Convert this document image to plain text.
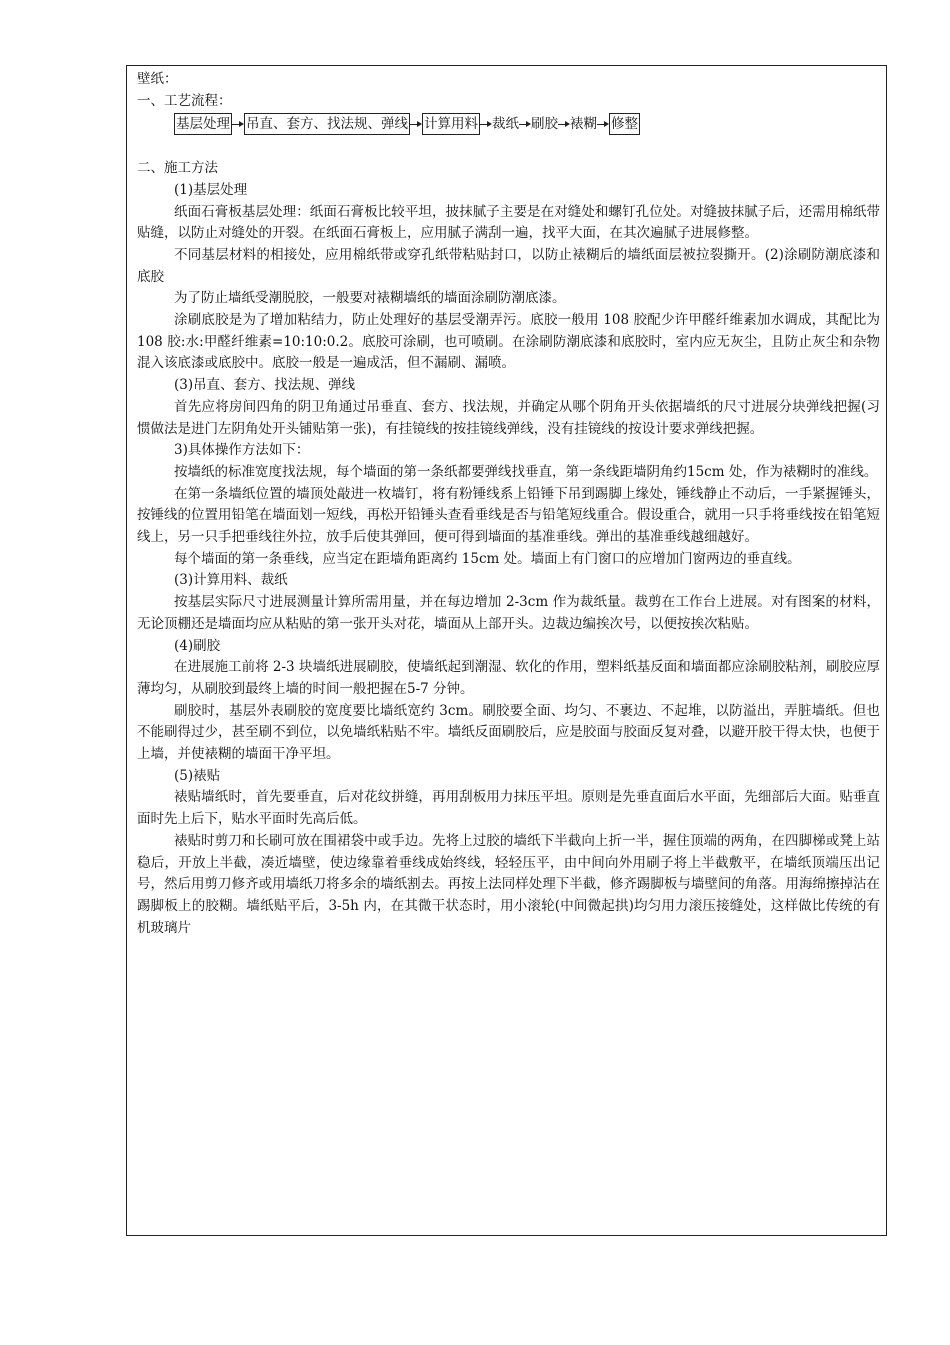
壁纸：

一、工艺流程：

基层处理 吊直、套方、找法规、弹线 计算用料 裁纸 刷胶 裱糊 修整

二、施工方法

(1)基层处理

纸面石膏板基层处理：纸面石膏板比较平坦，披抹腻子主要是在对缝处和螺钉孔位处。对缝披抹腻子后，还需用棉纸带贴缝，以防止对缝处的开裂。在纸面石膏板上，应用腻子满刮一遍，找平大面，在其次遍腻子进展修整。

不同基层材料的相接处，应用棉纸带或穿孔纸带粘贴封口，以防止裱糊后的墙纸面层被拉裂撕开。(2)涂刷防潮底漆和底胶

为了防止墙纸受潮脱胶，一般要对裱糊墙纸的墙面涂刷防潮底漆。

涂刷底胶是为了增加粘结力，防止处理好的基层受潮弄污。底胶一般用 108 胶配少许甲醛纤维素加水调成，其配比为 108 胶:水:甲醛纤维素=10:10:0.2。底胶可涂刷，也可喷刷。在涂刷防潮底漆和底胶时，室内应无灰尘，且防止灰尘和杂物混入该底漆或底胶中。底胶一般是一遍成活，但不漏刷、漏喷。

(3)吊直、套方、找法规、弹线

首先应将房间四角的阴卫角通过吊垂直、套方、找法规，并确定从哪个阴角开头依据墙纸的尺寸进展分块弹线把握(习惯做法是进门左阴角处开头铺贴第一张)，有挂镜线的按挂镜线弹线，没有挂镜线的按设计要求弹线把握。

3)具体操作方法如下：

按墙纸的标准宽度找法规，每个墙面的第一条纸都要弹线找垂直，第一条线距墙阴角约15cm 处，作为裱糊时的准线。

在第一条墙纸位置的墙顶处敲进一枚墙钉，将有粉锤线系上铅锤下吊到踢脚上缘处，锤线静止不动后，一手紧握锤头，按锤线的位置用铅笔在墙面划一短线，再松开铅锤头查看垂线是否与铅笔短线重合。假设重合，就用一只手将垂线按在铅笔短线上，另一只手把垂线往外拉，放手后使其弹回，便可得到墙面的基准垂线。弹出的基准垂线越细越好。

每个墙面的第一条垂线，应当定在距墙角距离约 15cm 处。墙面上有门窗口的应增加门窗两边的垂直线。

(3)计算用料、裁纸

按基层实际尺寸进展测量计算所需用量，并在每边增加 2-3cm 作为裁纸量。裁剪在工作台上进展。对有图案的材料，无论顶棚还是墙面均应从粘贴的第一张开头对花，墙面从上部开头。边裁边编挨次号，以便按挨次粘贴。

(4)刷胶

在进展施工前将 2-3 块墙纸进展刷胶，使墙纸起到潮湿、软化的作用，塑料纸基反面和墙面都应涂刷胶粘剂，刷胶应厚薄均匀，从刷胶到最终上墙的时间一般把握在5-7 分钟。

刷胶时，基层外表刷胶的宽度要比墙纸宽约 3cm。刷胶要全面、均匀、不裹边、不起堆，以防溢出，弄脏墙纸。但也不能刷得过少，甚至刷不到位，以免墙纸粘贴不牢。墙纸反面刷胶后，应是胶面与胶面反复对叠，以避开胶干得太快，也便于上墙，并使裱糊的墙面干净平坦。

(5)裱贴

裱贴墙纸时，首先要垂直，后对花纹拼缝，再用刮板用力抹压平坦。原则是先垂直面后水平面，先细部后大面。贴垂直面时先上后下，贴水平面时先高后低。

裱贴时剪刀和长刷可放在围裙袋中或手边。先将上过胶的墙纸下半截向上折一半，握住顶端的两角，在四脚梯或凳上站稳后，开放上半截，凑近墙壁，使边缘靠着垂线成始终线，轻轻压平，由中间向外用刷子将上半截敷平，在墙纸顶端压出记号，然后用剪刀修齐或用墙纸刀将多余的墙纸割去。再按上法同样处理下半截，修齐踢脚板与墙壁间的角落。用海绵擦掉沾在踢脚板上的胶糊。墙纸贴平后，3-5h 内，在其微干状态时，用小滚轮(中间微起拱)均匀用力滚压接缝处，这样做比传统的有机玻璃片
